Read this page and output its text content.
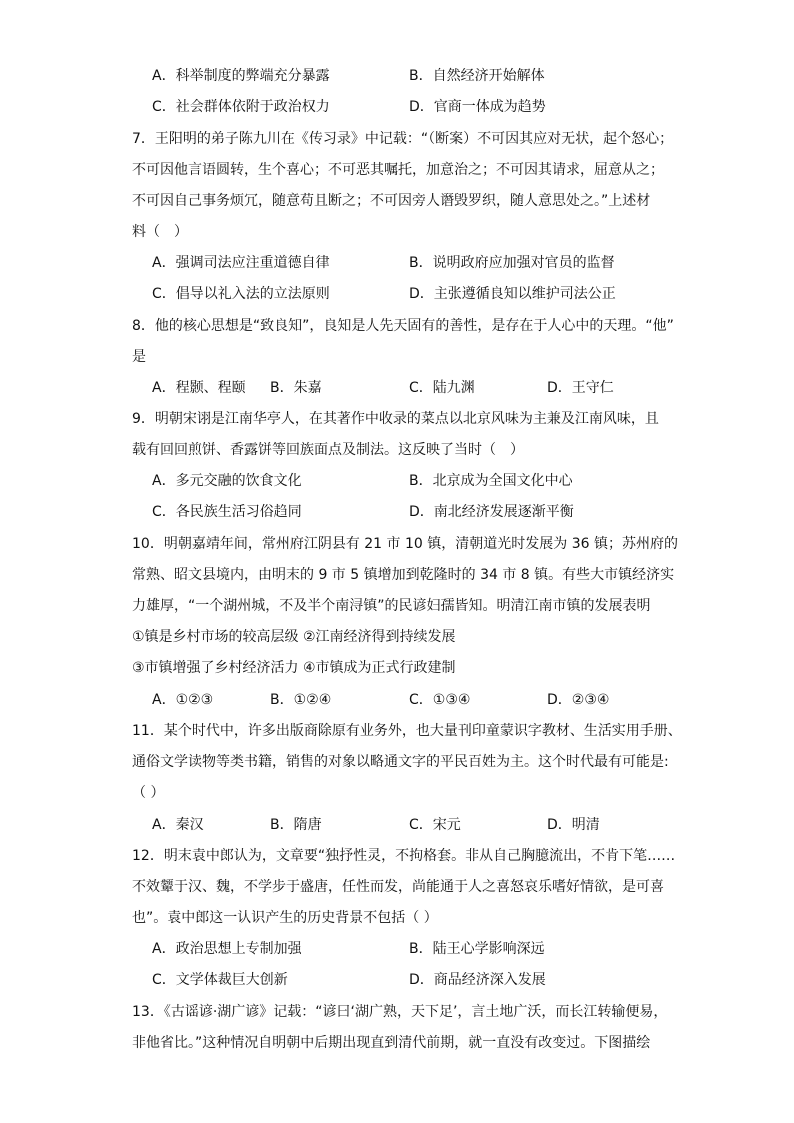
A．科举制度的弊端充分暴露	B．自然经济开始解体
C．社会群体依附于政治权力	D．官商一体成为趋势
7．王阳明的弟子陈九川在《传习录》中记载：“（断案）不可因其应对无状，起个怒心；
不可因他言语圆转，生个喜心；不可恶其嘱托，加意治之；不可因其请求，屈意从之；
不可因自己事务烦冗，随意苟且断之；不可因旁人谮毁罗织，随人意思处之。”上述材
料（　）
A．强调司法应注重道德自律	B．说明政府应加强对官员的监督
C．倡导以礼入法的立法原则	D．主张遵循良知以维护司法公正
8．他的核心思想是“致良知”，良知是人先天固有的善性，是存在于人心中的天理。“他”
是
A．程颢、程颐 B．朱嘉	C．陆九渊	D．王守仁
9．明朝宋诩是江南华亭人，在其著作中收录的菜点以北京风味为主兼及江南风味，且
载有回回煎饼、香露饼等回族面点及制法。这反映了当时（　）
A．多元交融的饮食文化	B．北京成为全国文化中心
C．各民族生活习俗趋同	D．南北经济发展逐渐平衡
10．明朝嘉靖年间，常州府江阴县有 21 市 10 镇，清朝道光时发展为 36 镇；苏州府的
常熟、昭文县境内，由明末的 9 市 5 镇增加到乾隆时的 34 市 8 镇。有些大市镇经济实
力雄厚，“一个湖州城，不及半个南浔镇”的民谚妇孺皆知。明清江南市镇的发展表明
①镇是乡村市场的较高层级 ②江南经济得到持续发展
③市镇增强了乡村经济活力 ④市镇成为正式行政建制
A．①②③	B．①②④	C．①③④	D．②③④
11．某个时代中，许多出版商除原有业务外，也大量刊印童蒙识字教材、生活实用手册、
通俗文学读物等类书籍，销售的对象以略通文字的平民百姓为主。这个时代最有可能是:
（ ）
A．秦汉	B．隋唐	C．宋元	D．明清
12．明末袁中郎认为，文章要“独抒性灵，不拘格套。非从自己胸臆流出，不肯下笔……
不效颦于汉、魏，不学步于盛唐，任性而发，尚能通于人之喜怒哀乐嗜好情欲，是可喜
也”。袁中郎这一认识产生的历史背景不包括（ ）
A．政治思想上专制加强	B．陆王心学影响深远
C．文学体裁巨大创新	D．商品经济深入发展
13．《古谣谚·湖广谚》记载：“谚曰‘湖广熟，天下足’，言土地广沃，而长江转输便易，
非他省比。”这种情况自明朝中后期出现直到清代前期，就一直没有改变过。下图描绘
